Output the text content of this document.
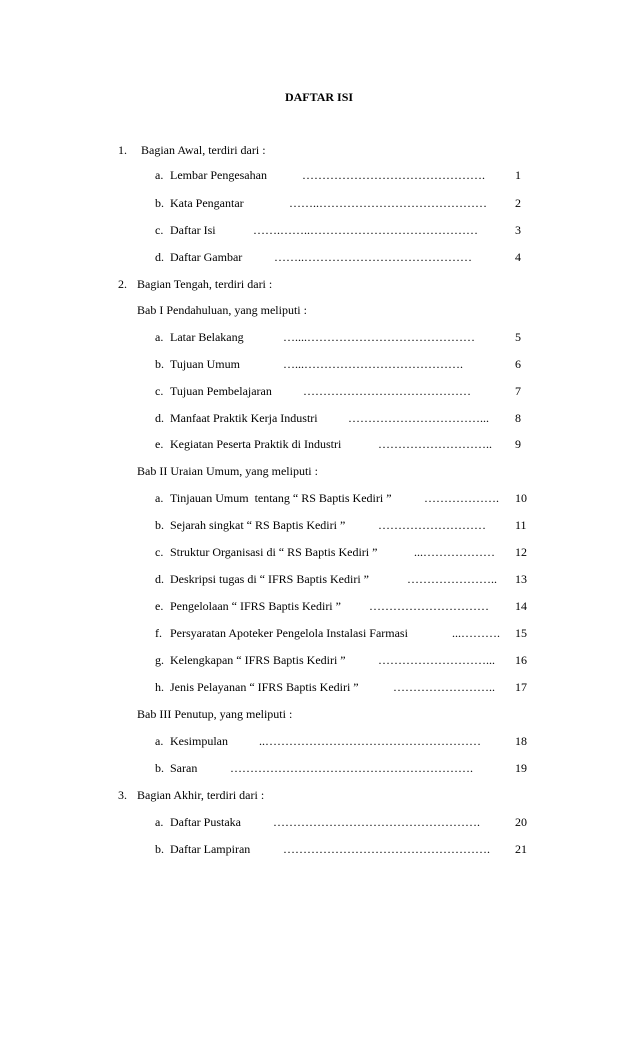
DAFTAR ISI
1. Bagian Awal, terdiri dari :
a. Lembar Pengesahan	……………………………………….	1
b. Kata Pengantar	……..…………………………………… 2
c. Daftar Isi	…….……..……………………………………	3
d. Daftar Gambar	……..……………………………………	4
2. Bagian Tengah, terdiri dari :
Bab I Pendahuluan, yang meliputi :
a. Latar Belakang	…....……………………………………	5
b. Tujuan Umum	…...………………………………….	6
c. Tujuan Pembelajaran	……………………………………	7
d. Manfaat Praktik Kerja Industri	……………………………... 8
e. Kegiatan Peserta Praktik di Industri	……………………….. 9
Bab II Uraian Umum, yang meliputi :
a. Tinjauan Umum  tentang “ RS Baptis Kediri ”	………………. 10
b. Sejarah singkat “ RS Baptis Kediri ”	……………………… 11
c. Struktur Organisasi di “ RS Baptis Kediri ”	...……………… 12
d. Deskripsi tugas di “ IFRS Baptis Kediri ”	………………….. 13
e. Pengelolaan “ IFRS Baptis Kediri ” ………………………… 14
f. Persyaratan Apoteker Pengelola Instalasi Farmasi	...………. 15
g. Kelengkapan “ IFRS Baptis Kediri ”	………………………... 16
h. Jenis Pelayanan “ IFRS Baptis Kediri ”	…………………….. 17
Bab III Penutup, yang meliputi :
a. Kesimpulan	..………………………………………………	18
b. Saran	…………………………………………………….	19
3. Bagian Akhir, terdiri dari :
a. Daftar Pustaka	…………………………………………….	20
b. Daftar Lampiran	……………………………………………. 21
